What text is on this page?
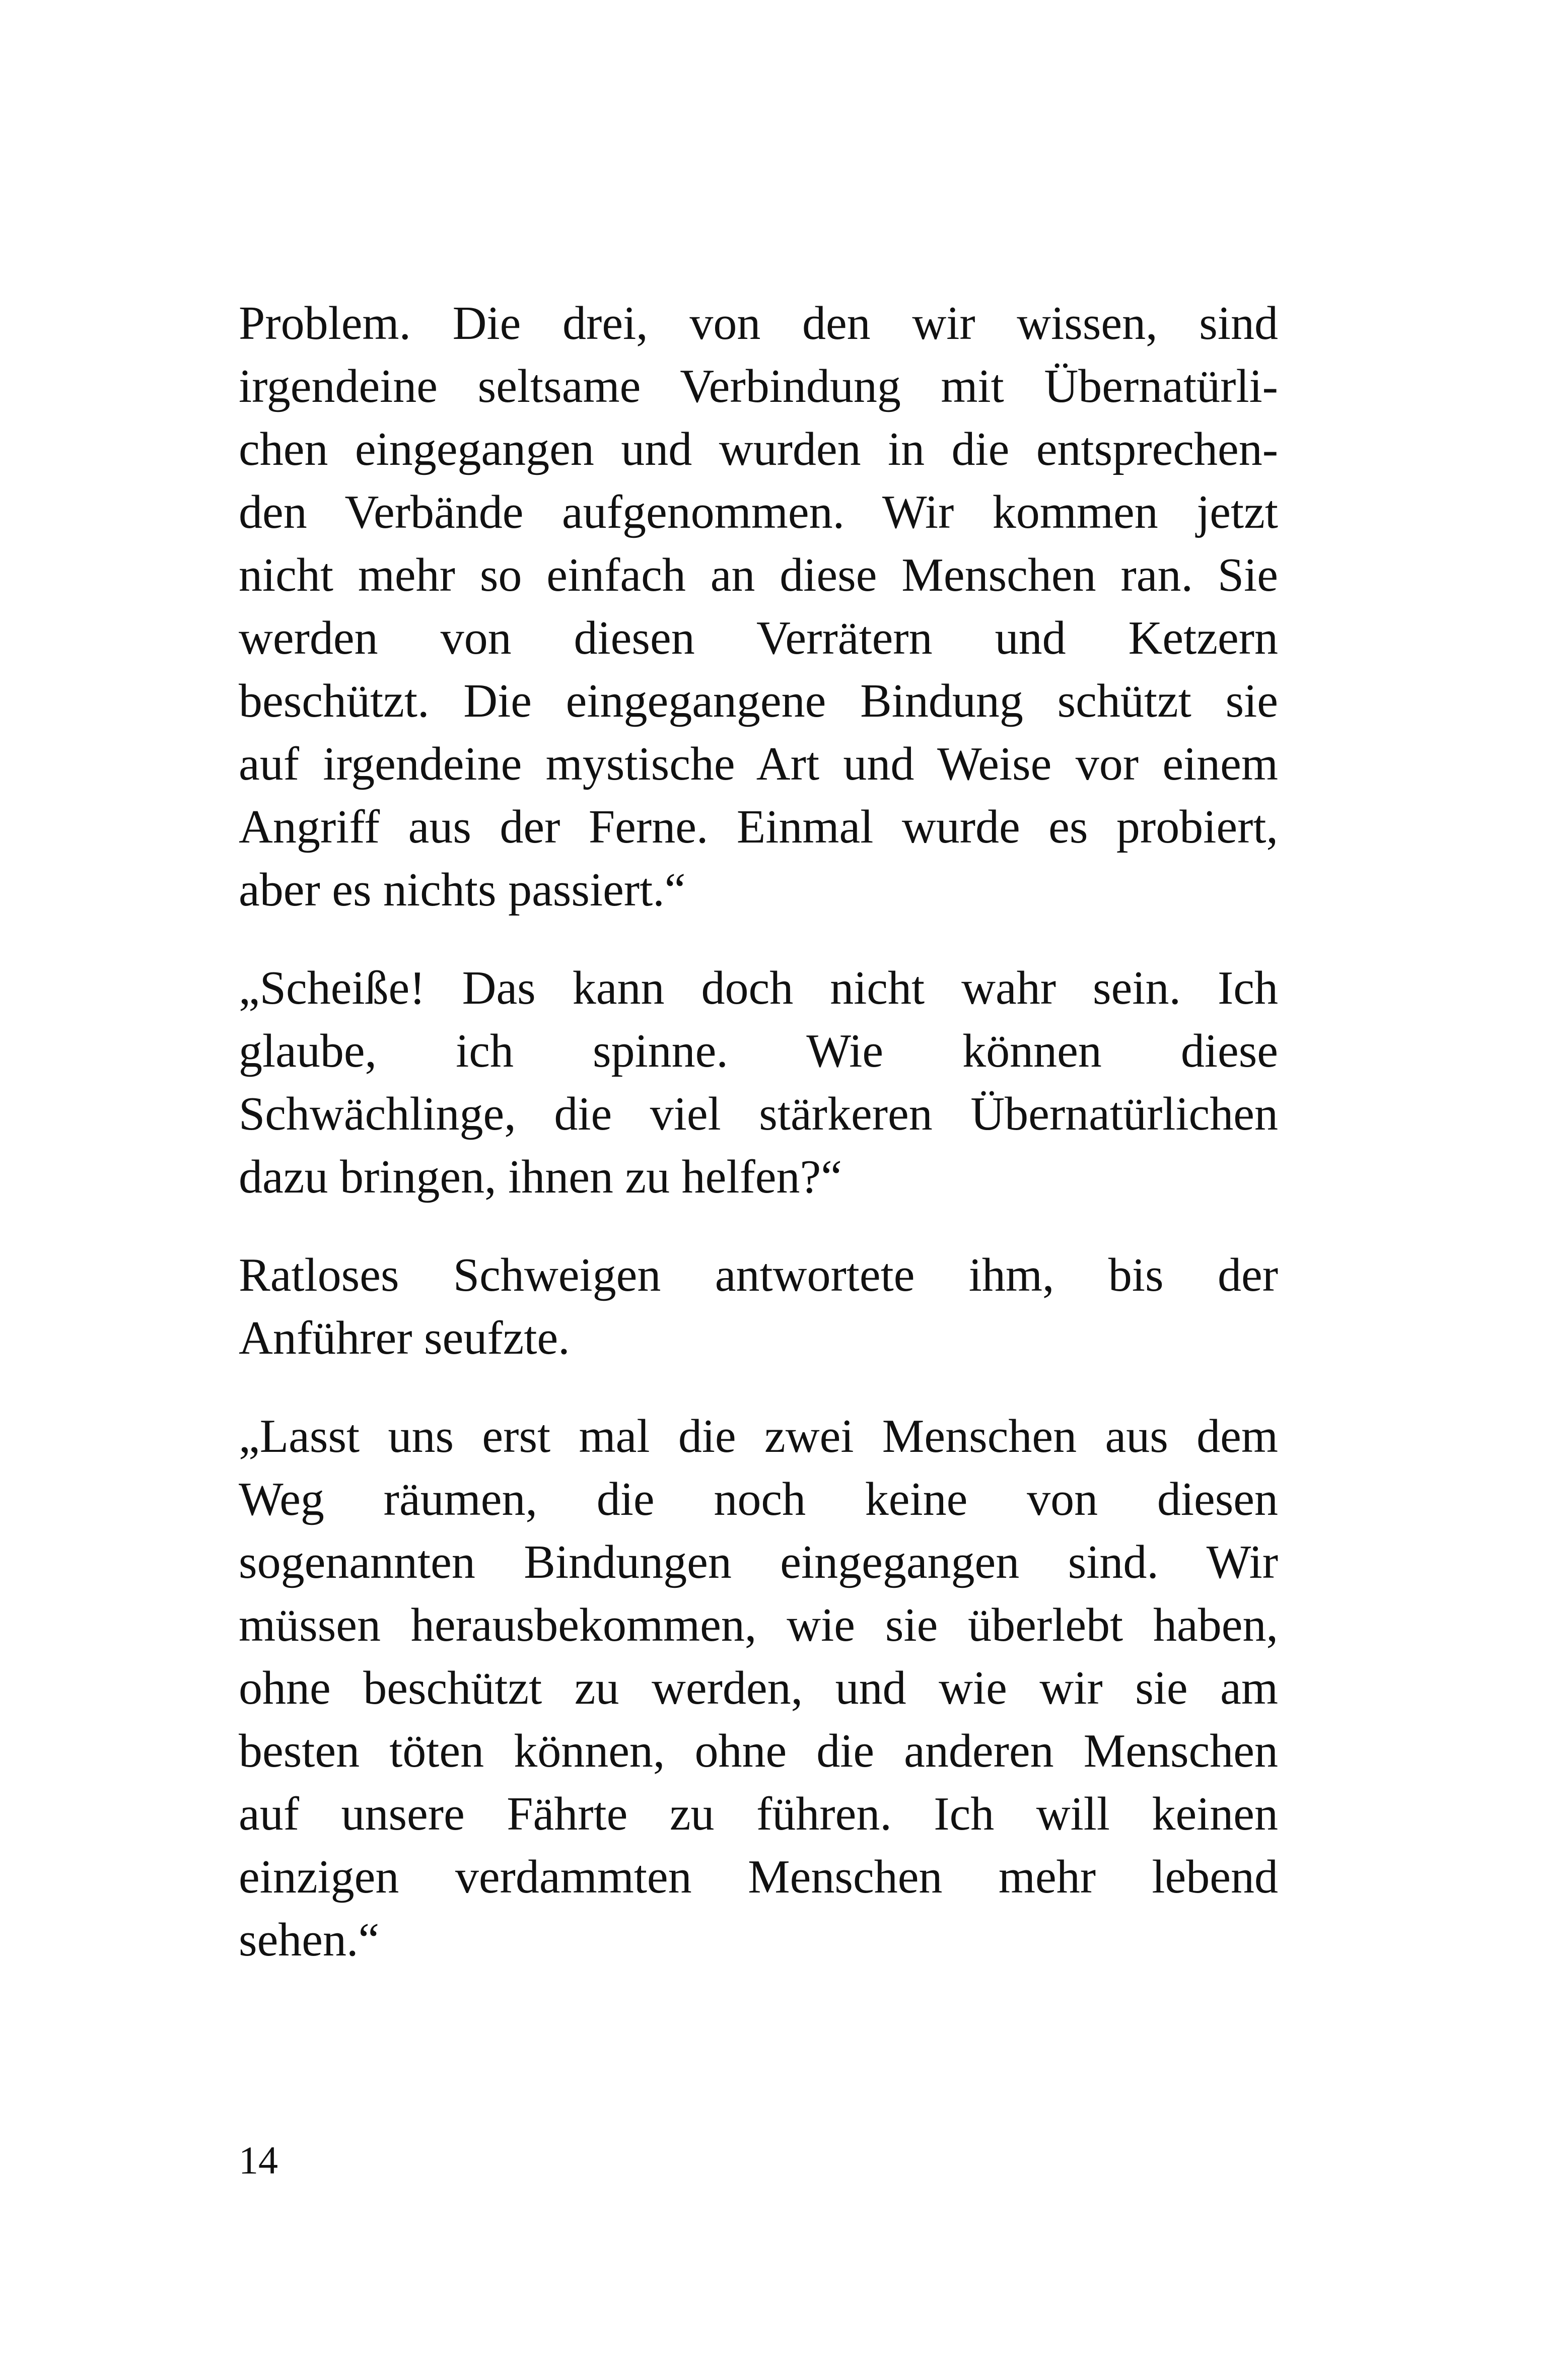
Problem. Die drei, von den wir wissen, sind
irgendeine seltsame Verbindung mit Übernatürli-
chen eingegangen und wurden in die entsprechen-
den Verbände aufgenommen. Wir kommen jetzt
nicht mehr so einfach an diese Menschen ran. Sie
werden von diesen Verrätern und Ketzern
beschützt. Die eingegangene Bindung schützt sie
auf irgendeine mystische Art und Weise vor einem
Angriff aus der Ferne. Einmal wurde es probiert,
aber es nichts passiert.“
„Scheiße! Das kann doch nicht wahr sein. Ich
glaube, ich spinne. Wie können diese
Schwächlinge, die viel stärkeren Übernatürlichen
dazu bringen, ihnen zu helfen?“
Ratloses Schweigen antwortete ihm, bis der
Anführer seufzte.
„Lasst uns erst mal die zwei Menschen aus dem
Weg räumen, die noch keine von diesen
sogenannten Bindungen eingegangen sind. Wir
müssen herausbekommen, wie sie überlebt haben,
ohne beschützt zu werden, und wie wir sie am
besten töten können, ohne die anderen Menschen
auf unsere Fährte zu führen. Ich will keinen
einzigen verdammten Menschen mehr lebend
sehen.“
14
